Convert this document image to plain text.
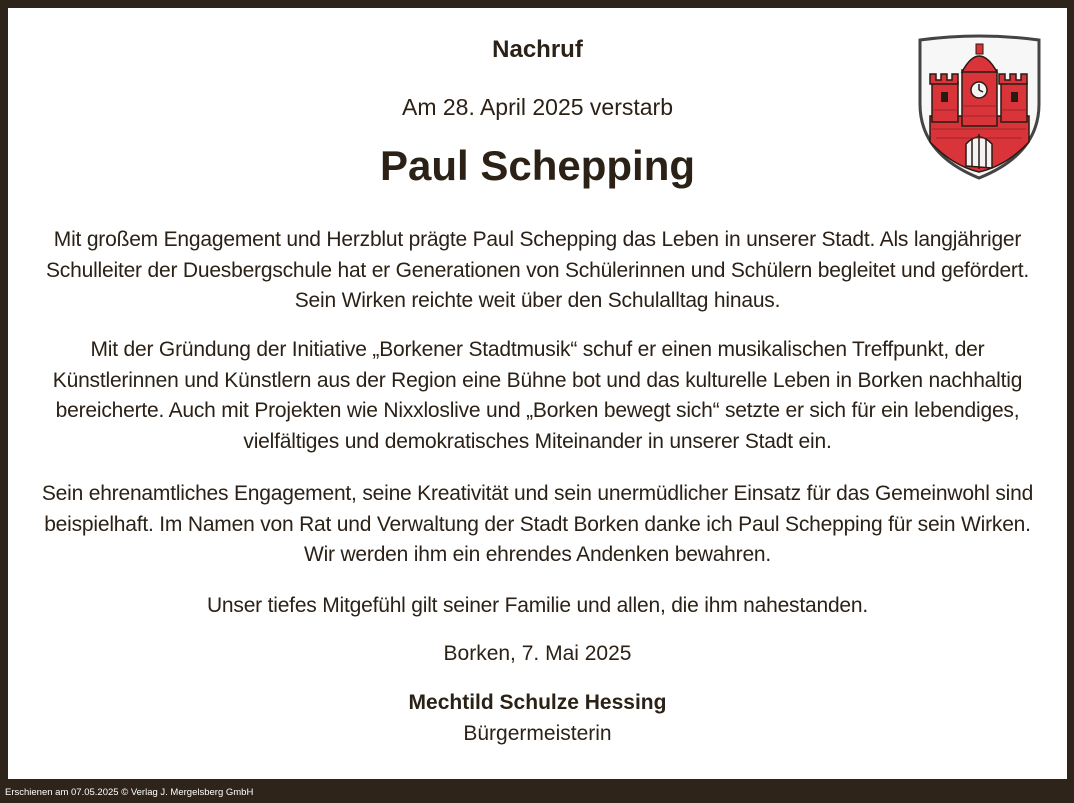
Nachruf
Am 28. April 2025 verstarb
Paul Schepping
Mit großem Engagement und Herzblut prägte Paul Schepping das Leben in unserer Stadt. Als langjähriger Schulleiter der Duesbergschule hat er Generationen von Schülerinnen und Schülern begleitet und gefördert. Sein Wirken reichte weit über den Schulalltag hinaus.
Mit der Gründung der Initiative „Borkener Stadtmusik“ schuf er einen musikalischen Treffpunkt, der Künstlerinnen und Künstlern aus der Region eine Bühne bot und das kulturelle Leben in Borken nachhaltig bereicherte. Auch mit Projekten wie Nixxloslive und „Borken bewegt sich“ setzte er sich für ein lebendiges, vielfältiges und demokratisches Miteinander in unserer Stadt ein.
Sein ehrenamtliches Engagement, seine Kreativität und sein unermüdlicher Einsatz für das Gemeinwohl sind beispielhaft. Im Namen von Rat und Verwaltung der Stadt Borken danke ich Paul Schepping für sein Wirken. Wir werden ihm ein ehrendes Andenken bewahren.
Unser tiefes Mitgefühl gilt seiner Familie und allen, die ihm nahestanden.
Borken, 7. Mai 2025
Mechtild Schulze Hessing
Bürgermeisterin
Erschienen am 07.05.2025 © Verlag J. Mergelsberg GmbH
